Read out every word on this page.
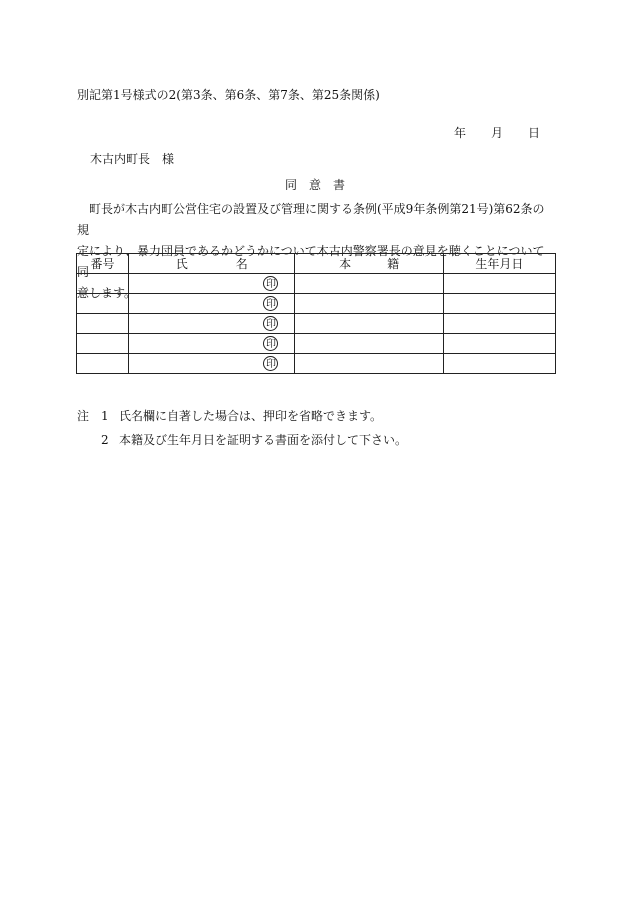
別記第1号様式の2(第3条、第6条、第7条、第25条関係)
年 月 日
木古内町長　様
同　意　書

　町長が木古内町公営住宅の設置及び管理に関する条例(平成9年条例第21号)第62条の規

定により、暴力団員であるかどうかについて木古内警察署長の意見を聴くことについて同

意します。

番号	氏　　　　名	本　　　籍	生年月日

	印		

	印		

	印		

	印		

	印		

注 1 氏名欄に自著した場合は、押印を省略できます。
2 本籍及び生年月日を証明する書面を添付して下さい。
